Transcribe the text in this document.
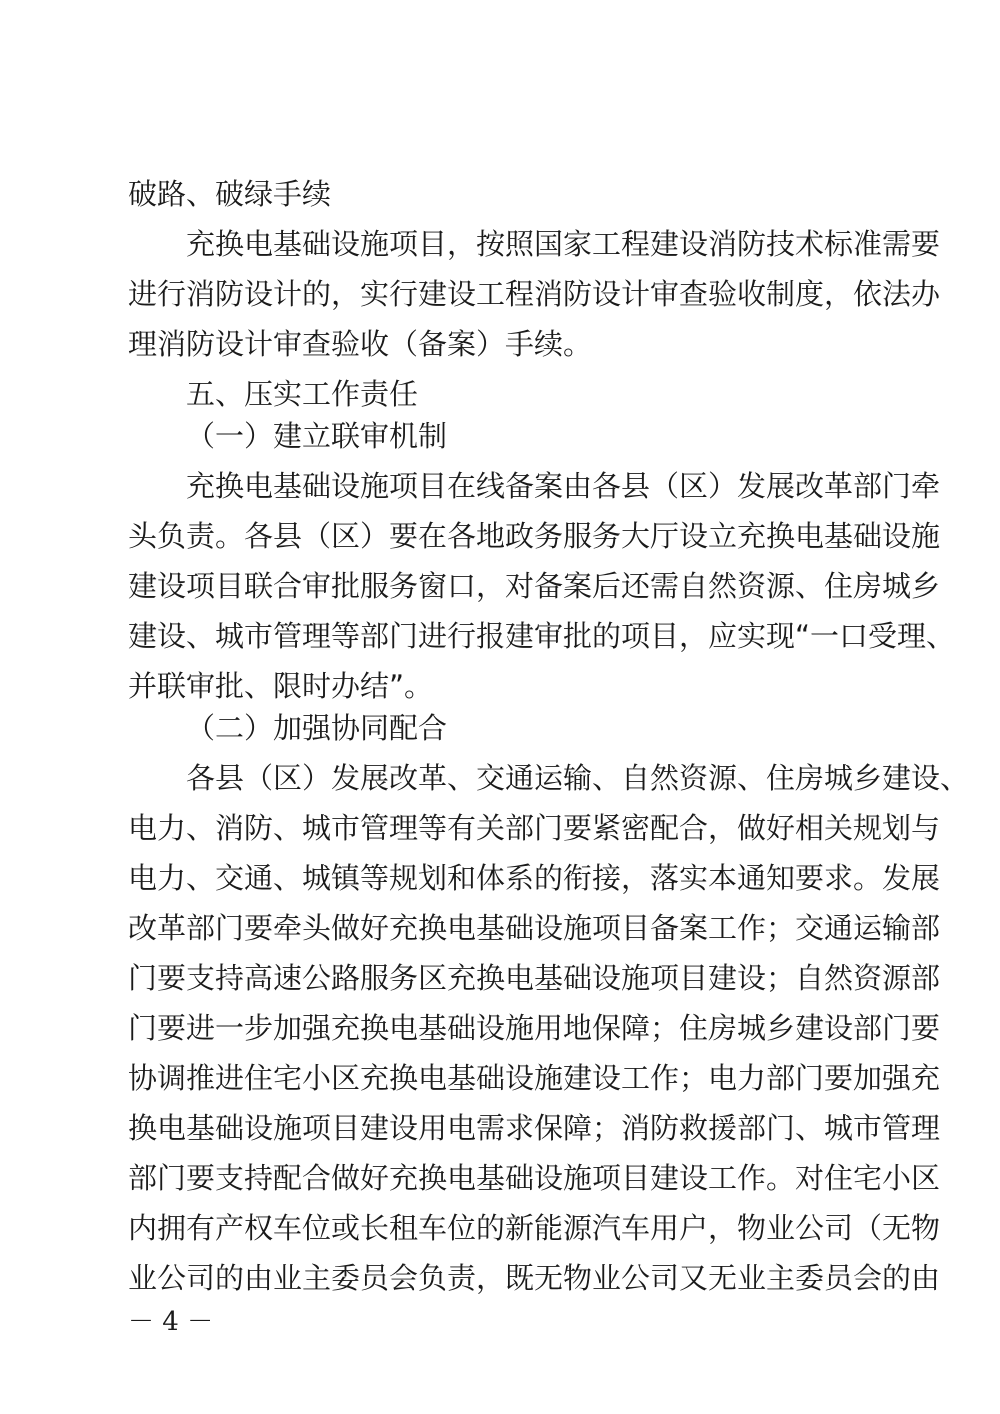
破路、破绿手续
充换电基础设施项目，按照国家工程建设消防技术标准需要
进行消防设计的，实行建设工程消防设计审查验收制度，依法办
理消防设计审查验收（备案）手续。
五、压实工作责任
（一）建立联审机制
充换电基础设施项目在线备案由各县（区）发展改革部门牵
头负责。各县（区）要在各地政务服务大厅设立充换电基础设施
建设项目联合审批服务窗口，对备案后还需自然资源、住房城乡
建设、城市管理等部门进行报建审批的项目，应实现“一口受理、
并联审批、限时办结”。
（二）加强协同配合
各县（区）发展改革、交通运输、自然资源、住房城乡建设、
电力、消防、城市管理等有关部门要紧密配合，做好相关规划与
电力、交通、城镇等规划和体系的衔接，落实本通知要求。发展
改革部门要牵头做好充换电基础设施项目备案工作；交通运输部
门要支持高速公路服务区充换电基础设施项目建设；自然资源部
门要进一步加强充换电基础设施用地保障；住房城乡建设部门要
协调推进住宅小区充换电基础设施建设工作；电力部门要加强充
换电基础设施项目建设用电需求保障；消防救援部门、城市管理
部门要支持配合做好充换电基础设施项目建设工作。对住宅小区
内拥有产权车位或长租车位的新能源汽车用户，物业公司（无物
业公司的由业主委员会负责，既无物业公司又无业主委员会的由
－ 4 －
